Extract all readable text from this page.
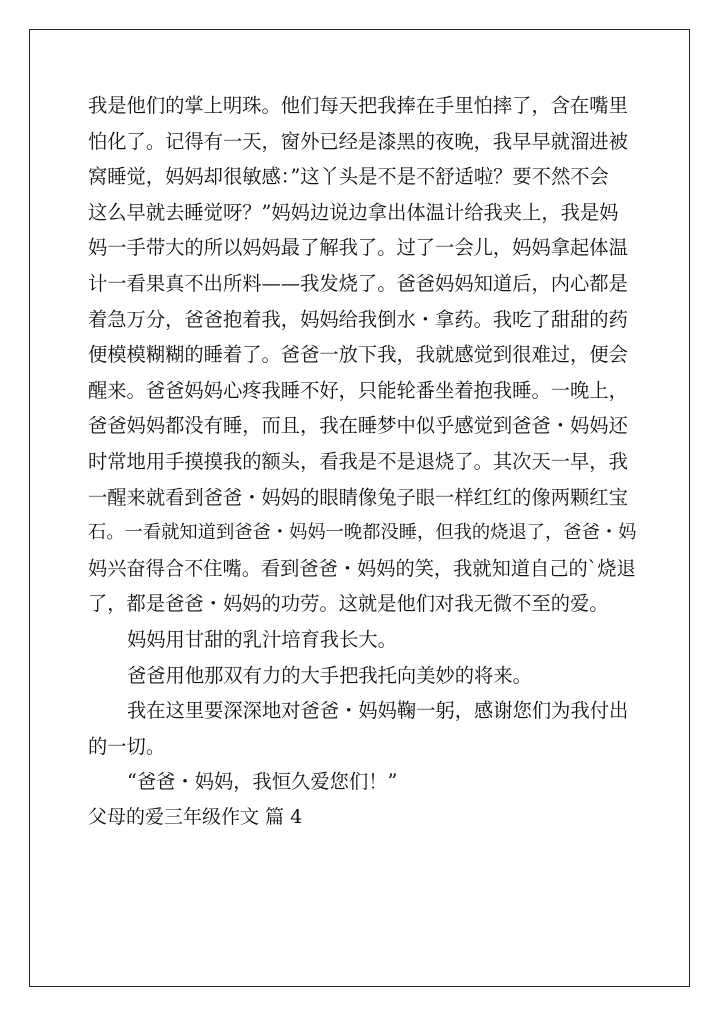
我是他们的掌上明珠。他们每天把我捧在手里怕摔了，含在嘴里
怕化了。记得有一天，窗外已经是漆黑的夜晚，我早早就溜进被
窝睡觉，妈妈却很敏感：”这丫头是不是不舒适啦？要不然不会
这么早就去睡觉呀？”妈妈边说边拿出体温计给我夹上，我是妈
妈一手带大的所以妈妈最了解我了。过了一会儿，妈妈拿起体温
计一看果真不出所料——我发烧了。爸爸妈妈知道后，内心都是
着急万分，爸爸抱着我，妈妈给我倒水・拿药。我吃了甜甜的药
便模模糊糊的睡着了。爸爸一放下我，我就感觉到很难过，便会
醒来。爸爸妈妈心疼我睡不好，只能轮番坐着抱我睡。一晚上，
爸爸妈妈都没有睡，而且，我在睡梦中似乎感觉到爸爸・妈妈还
时常地用手摸摸我的额头，看我是不是退烧了。其次天一早，我
一醒来就看到爸爸・妈妈的眼睛像兔子眼一样红红的像两颗红宝
石。一看就知道到爸爸・妈妈一晚都没睡，但我的烧退了，爸爸・妈
妈兴奋得合不住嘴。看到爸爸・妈妈的笑，我就知道自己的`烧退
了，都是爸爸・妈妈的功劳。这就是他们对我无微不至的爱。
妈妈用甘甜的乳汁培育我长大。
爸爸用他那双有力的大手把我托向美妙的将来。
我在这里要深深地对爸爸・妈妈鞠一躬，感谢您们为我付出
的一切。
“爸爸・妈妈，我恒久爱您们！”
父母的爱三年级作文 篇 4
